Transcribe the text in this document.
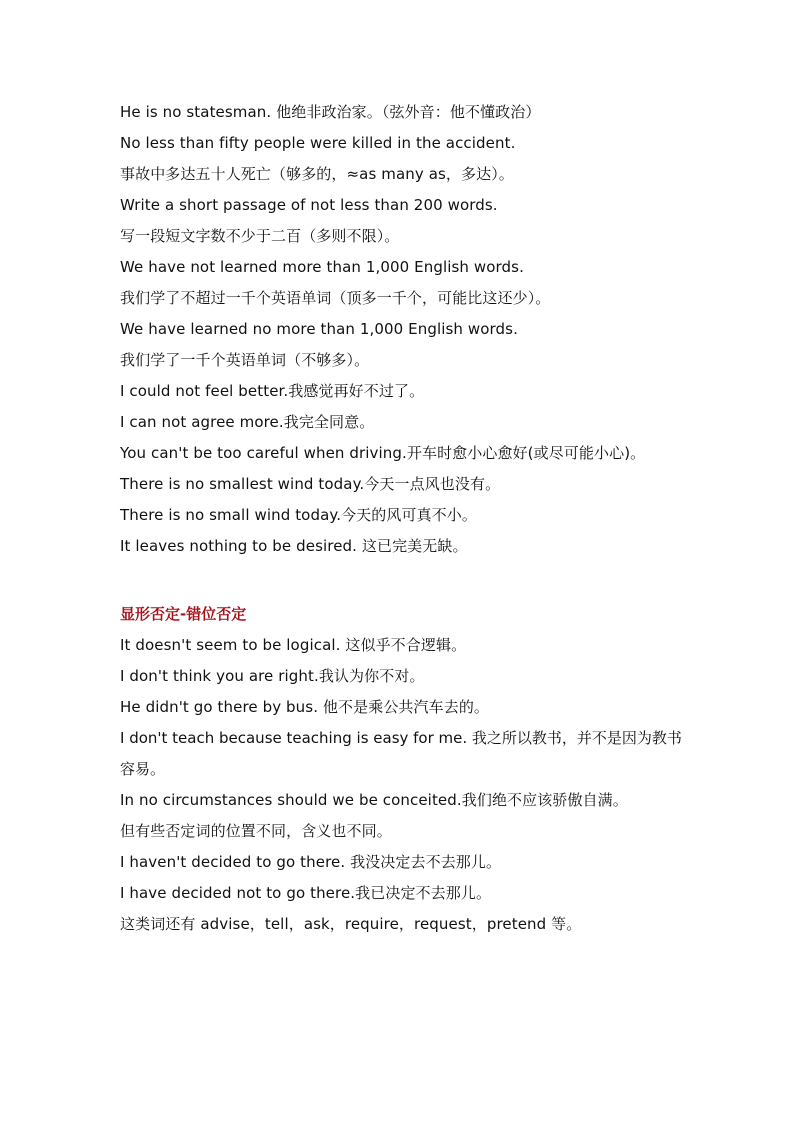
He is no statesman. 他绝非政治家。（弦外音：他不懂政治）
No less than fifty people were killed in the accident.
事故中多达五十人死亡（够多的，≈as many as，多达）。
Write a short passage of not less than 200 words.
写一段短文字数不少于二百（多则不限）。
We have not learned more than 1,000 English words.
我们学了不超过一千个英语单词（顶多一千个，可能比这还少）。
We have learned no more than 1,000 English words.
我们学了一千个英语单词（不够多）。
I could not feel better.我感觉再好不过了。
I can not agree more.我完全同意。
You can't be too careful when driving.开车时愈小心愈好(或尽可能小心)。
There is no smallest wind today.今天一点风也没有。
There is no small wind today.今天的风可真不小。
It leaves nothing to be desired. 这已完美无缺。
显形否定-错位否定
It doesn't seem to be logical. 这似乎不合逻辑。
I don't think you are right.我认为你不对。
He didn't go there by bus. 他不是乘公共汽车去的。
I don't teach because teaching is easy for me. 我之所以教书，并不是因为教书容易。
In no circumstances should we be conceited.我们绝不应该骄傲自满。
但有些否定词的位置不同，含义也不同。
I haven't decided to go there. 我没决定去不去那儿。
I have decided not to go there.我已决定不去那儿。
这类词还有 advise，tell，ask，require，request，pretend 等。
